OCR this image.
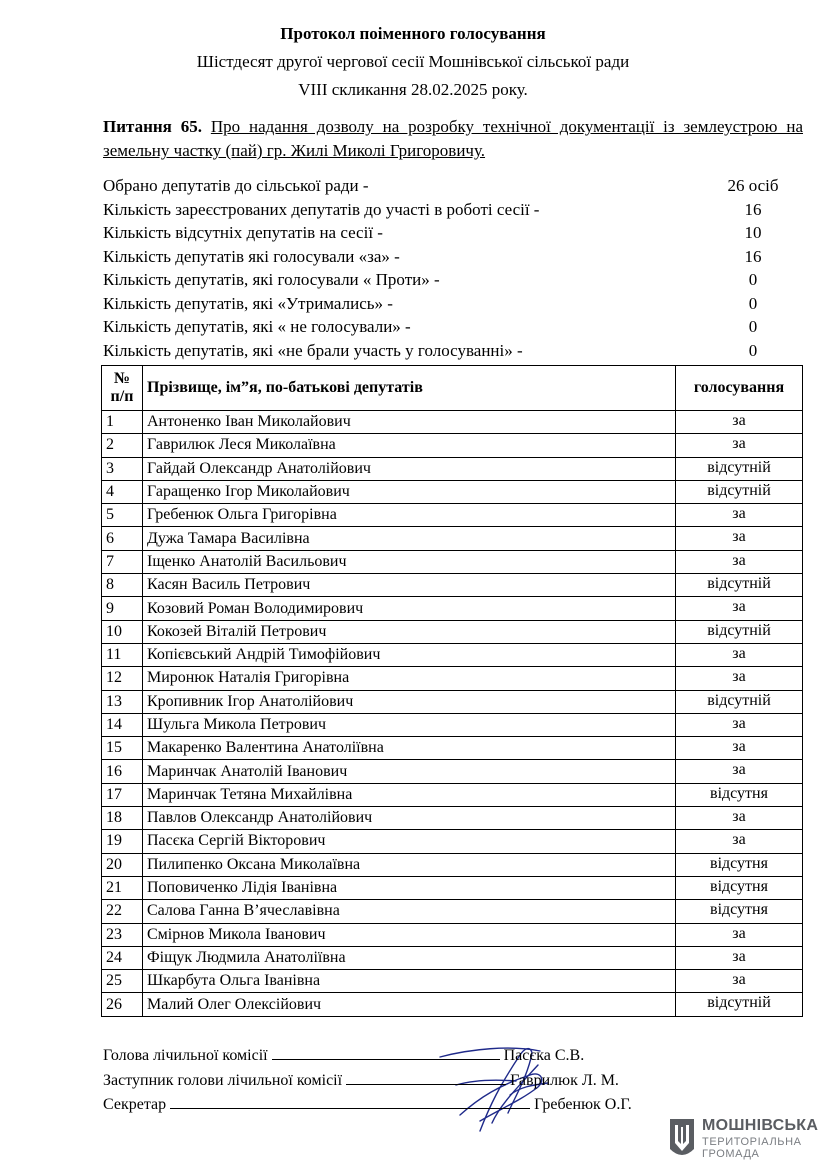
Протокол поіменного голосування
Шістдесят другої чергової сесії Мошнівської сільської ради
VIII скликання 28.02.2025 року.
Питання 65. Про надання дозволу на розробку технічної документації із землеустрою на земельну частку (пай) гр. Жилі Миколі Григоровичу.
Обрано депутатів до сільської ради -	26 осіб
Кількість зареєстрованих депутатів до участі в роботі сесії -	16
Кількість відсутніх депутатів на сесії -	10
Кількість депутатів які голосували «за» -	16
Кількість депутатів, які голосували « Проти» -	0
Кількість депутатів, які «Утримались» -	0
Кількість депутатів, які « не голосували» -	0
Кількість депутатів, які «не брали участь у голосуванні» -	0
№
п/п	Прізвище, ім”я, по-батькові депутатів	голосування
1	Антоненко Іван Миколайович	за
2	Гаврилюк Леся Миколаївна	за
3	Гайдай Олександр Анатолійович	відсутній
4	Гаращенко Ігор Миколайович	відсутній
5	Гребенюк Ольга Григорівна	за
6	Дужа Тамара Василівна	за
7	Іщенко Анатолій Васильович	за
8	Касян Василь Петрович	відсутній
9	Козовий Роман Володимирович	за
10	Кокозей Віталій Петрович	відсутній
11	Копієвський Андрій Тимофійович	за
12	Миронюк Наталія Григорівна	за
13	Кропивник Ігор Анатолійович	відсутній
14	Шульга Микола Петрович	за
15	Макаренко Валентина Анатоліївна	за
16	Маринчак Анатолій Іванович	за
17	Маринчак Тетяна Михайлівна	відсутня
18	Павлов Олександр Анатолійович	за
19	Пасєка Сергій Вікторович	за
20	Пилипенко Оксана Миколаївна	відсутня
21	Поповиченко Лідія Іванівна	відсутня
22	Салова Ганна В’ячеславівна	відсутня
23	Смірнов Микола Іванович	за
24	Фіщук Людмила Анатоліївна	за
25	Шкарбута Ольга Іванівна	за
26	Малий Олег Олексійович	відсутній
Голова лічильної комісії	Пасєка С.В.
Заступник голови лічильної комісії	Гаврилюк Л. М.
Секретар	Гребенюк О.Г.
МОШНІВСЬКА
ТЕРИТОРІАЛЬНА
ГРОМАДА
